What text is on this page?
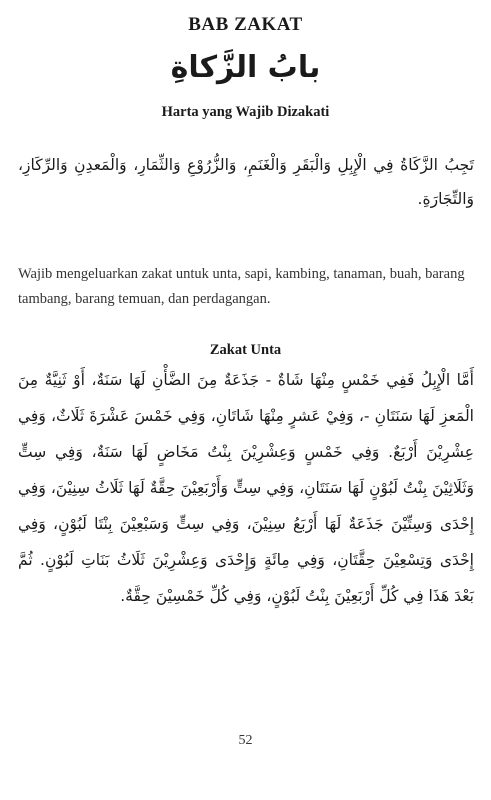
BAB ZAKAT
بابُ الزَّكاةِ
Harta yang Wajib Dizakati
تَجِبُ الزَّكَاةُ فِي الْإِبِلِ وَالْبَقَرِ وَالْغَنَمِ، وَالزُّرُوْعِ وَالثِّمَارِ، وَالْمَعدِنِ وَالرِّكَازِ، وَالتِّجَارَةِ.
Wajib mengeluarkan zakat untuk unta, sapi, kambing, tanaman, buah, barang tambang, barang temuan, dan perdagangan.
Zakat Unta
أَمَّا الْإِبِلُ فَفِي خَمْسٍ مِنْهَا شَاةٌ - جَذَعَةٌ مِنَ الضَّأْنِ لَهَا سَنَةٌ، أَوْ ثَنِيَّةٌ مِنَ الْمَعزِ لَهَا سَنَتَانِ -، وَفِيْ عَشرٍ مِنْهَا شَاتَانِ، وَفِي خَمْسَ عَشْرَةَ ثَلَاثٌ، وَفِي عِشْرِيْنَ أَرْبَعٌ. وَفِي خَمْسٍ وَعِشْرِيْنَ بِنْتُ مَخَاضٍ لَهَا سَنَةٌ، وَفِي سِتٍّ وَثَلَاثِيْنَ بِنْتُ لَبُوْنٍ لَهَا سَنَتَانِ، وَفِي سِتٍّ وَأَرْبَعِيْنَ حِقَّةٌ لَهَا ثَلَاثُ سِنِيْنَ، وَفِي إِحْدَى وَسِتِّيْنَ جَذَعَةٌ لَهَا أَرْبَعُ سِنِيْنَ، وَفِي سِتٍّ وَسَبْعِيْنَ بِنْتَا لَبُوْنٍ، وَفِي إِحْدَى وَتِسْعِيْنَ حِقَّتَانِ، وَفِي مِائَةٍ وَإِحْدَى وَعِشْرِيْنَ ثَلَاثُ بَنَاتِ لَبُوْنٍ. ثُمَّ بَعْدَ هَذَا فِي كُلِّ أَرْبَعِيْنَ بِنْتُ لَبُوْنٍ، وَفِي كُلِّ خَمْسِيْنَ حِقَّةٌ.
52
